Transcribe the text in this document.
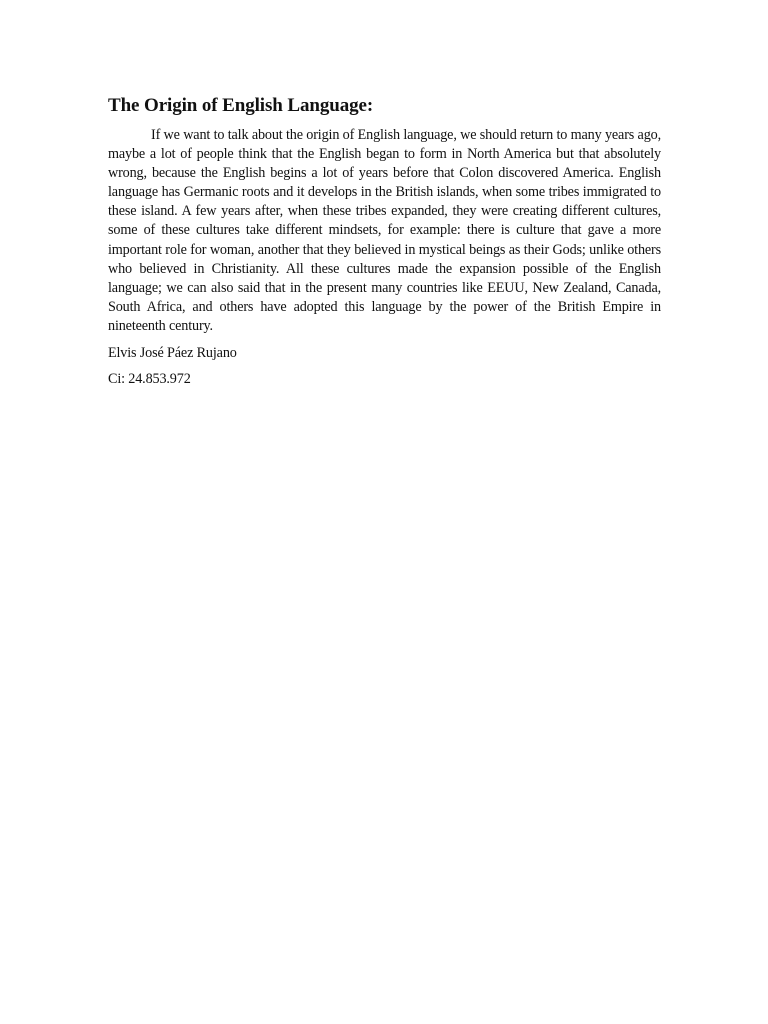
The Origin of English Language:

If we want to talk about the origin of English language, we should return to many years ago, maybe a lot of people think that the English began to form in North America but that absolutely wrong, because the English begins a lot of years before that Colon discovered America. English language has Germanic roots and it develops in the British islands, when some tribes immigrated to these island. A few years after, when these tribes expanded, they were creating different cultures, some of these cultures take different mindsets, for example: there is culture that gave a more important role for woman, another that they believed in mystical beings as their Gods; unlike others who believed in Christianity. All these cultures made the expansion possible of the English language; we can also said that in the present many countries like EEUU, New Zealand, Canada, South Africa, and others have adopted this language by the power of the British Empire in nineteenth century.

Elvis José Páez Rujano
Ci: 24.853.972
